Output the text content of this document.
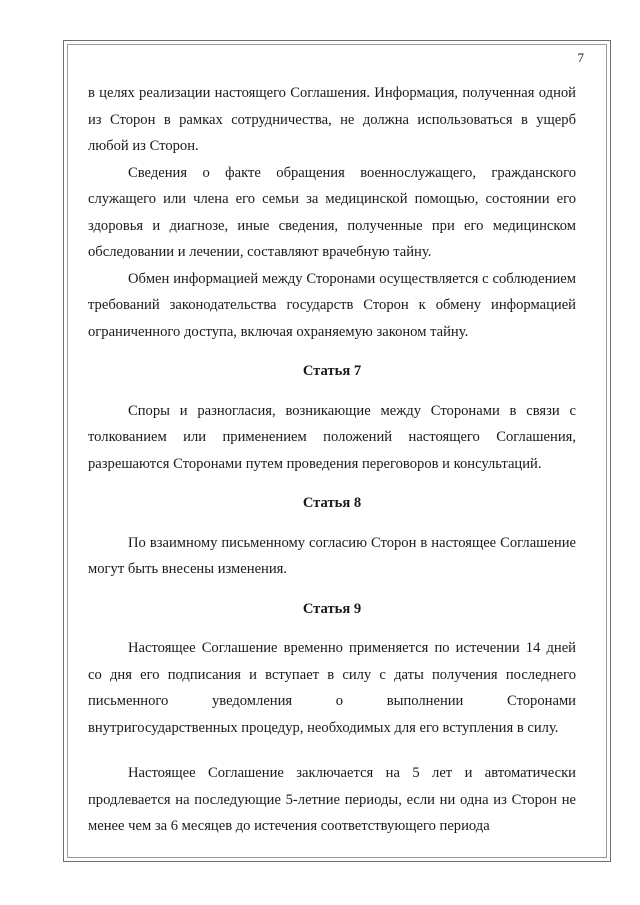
7

в целях реализации настоящего Соглашения. Информация, полученная одной из Сторон в рамках сотрудничества, не должна использоваться в ущерб любой из Сторон.

Сведения о факте обращения военнослужащего, гражданского служащего или члена его семьи за медицинской помощью, состоянии его здоровья и диагнозе, иные сведения, полученные при его медицинском обследовании и лечении, составляют врачебную тайну.

Обмен информацией между Сторонами осуществляется с соблюдением требований законодательства государств Сторон к обмену информацией ограниченного доступа, включая охраняемую законом тайну.

Статья 7

Споры и разногласия, возникающие между Сторонами в связи с толкованием или применением положений настоящего Соглашения, разрешаются Сторонами путем проведения переговоров и консультаций.

Статья 8

По взаимному письменному согласию Сторон в настоящее Соглашение могут быть внесены изменения.

Статья 9

Настоящее Соглашение временно применяется по истечении 14 дней со дня его подписания и вступает в силу с даты получения последнего письменного уведомления о выполнении Сторонами

внутригосударственных процедур, необходимых для его вступления в силу.

Настоящее Соглашение заключается на 5 лет и автоматически продлевается на последующие 5-летние периоды, если ни одна из Сторон не менее чем за 6 месяцев до истечения соответствующего периода
